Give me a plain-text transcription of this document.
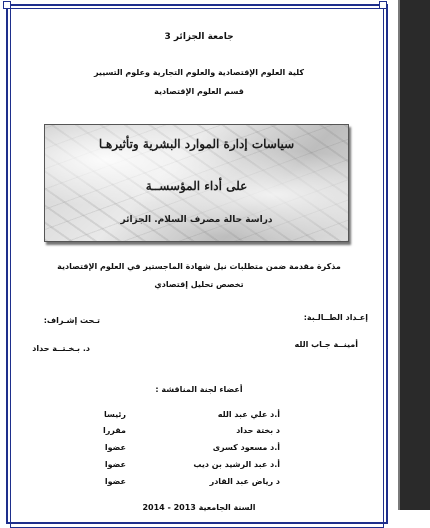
جامعة الجزائر 3
كلية العلوم الإقتصادية والعلوم التجارية وعلوم التسيير
قسم العلوم الإقتصادية
سياسات إدارة الموارد البشرية وتأثيرهـا
على أداء المؤسســة
دراسة حالة مصرف السلام. الجزائر
مذكرة مقدمة ضمن متطلبات نيل شهادة الماجستير في العلوم الإقتصادية
تخصص تحليل إقتصادي
إعـداد الطــالـبة:
أمينــة جـاب الله
تـحت إشـراف:
د. بـخـتــة حداد
أعضاء لجنة المناقشة :
أ.د علي عبد الله
رئيسا
د بختة حداد
مقررا
أ.د مسعود كسرى
عضوا
أ.د عبد الرشيد بن ديب
عضوا
د رياض عبد القادر
عضوا
السنة الجامعية 2013 - 2014
